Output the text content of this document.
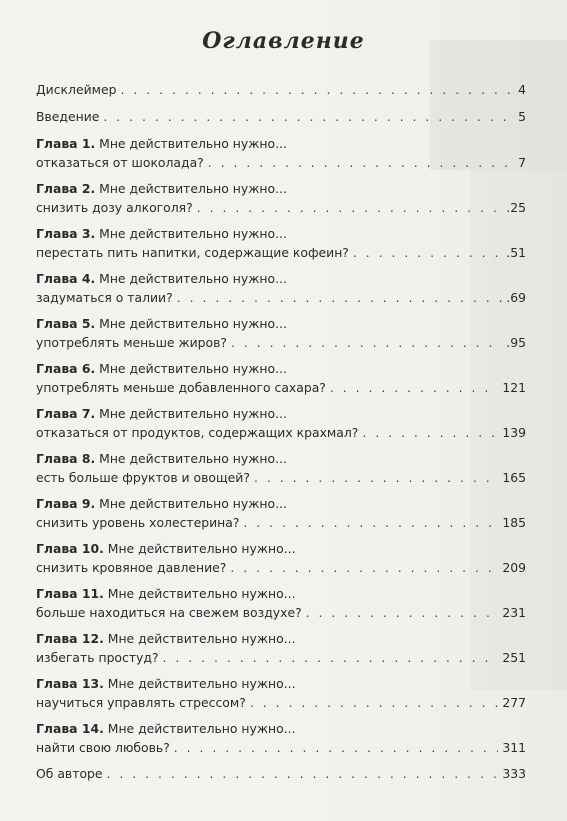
Оглавление
Дисклеймер . . .	4
Введение . . .	5
Глава 1. Мне действительно нужно...
отказаться от шоколада? . . .	7
Глава 2. Мне действительно нужно...
снизить дозу алкоголя? . . .	.25
Глава 3. Мне действительно нужно...
перестать пить напитки, содержащие кофеин? . . .	.51
Глава 4. Мне действительно нужно...
задуматься о талии? . . .	.69
Глава 5. Мне действительно нужно...
употреблять меньше жиров? . . .	.95
Глава 6. Мне действительно нужно...
употреблять меньше добавленного сахара? . . .	121
Глава 7. Мне действительно нужно...
отказаться от продуктов, содержащих крахмал? . . .	139
Глава 8. Мне действительно нужно...
есть больше фруктов и овощей? . . .	165
Глава 9. Мне действительно нужно...
снизить уровень холестерина? . . .	185
Глава 10. Мне действительно нужно...
снизить кровяное давление? . . .	209
Глава 11. Мне действительно нужно...
больше находиться на свежем воздухе? . . .	231
Глава 12. Мне действительно нужно...
избегать простуд? . . .	251
Глава 13. Мне действительно нужно...
научиться управлять стрессом? . . .	277
Глава 14. Мне действительно нужно...
найти свою любовь? . . .	311
Об авторе . . .	333
